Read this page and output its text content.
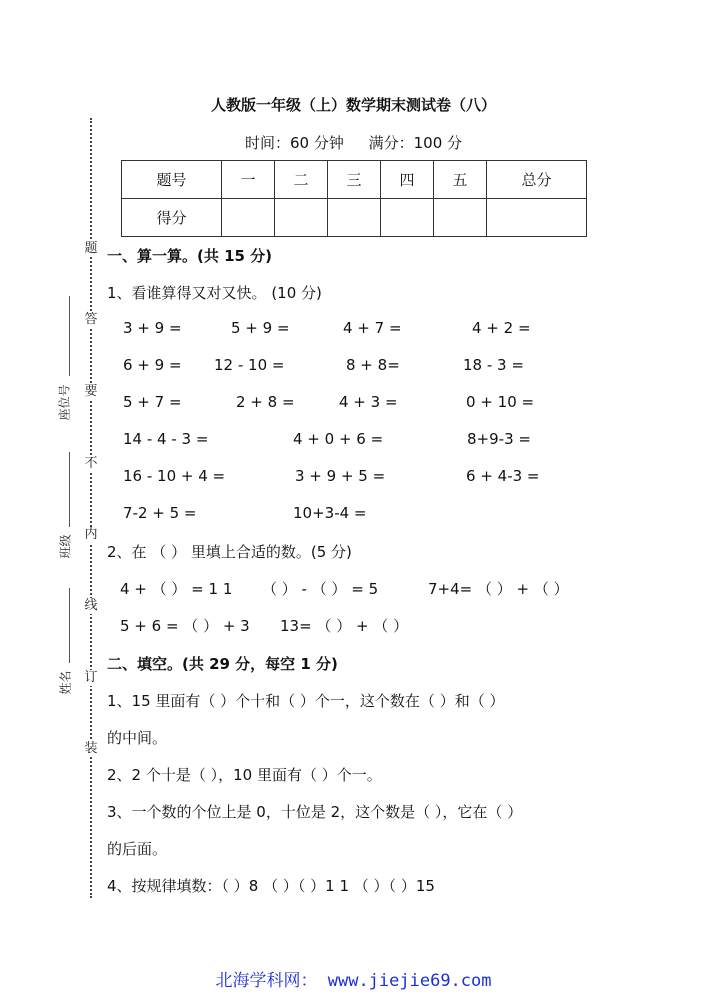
人教版一年级（上）数学期末测试卷（八）
时间：60 分钟 满分：100 分
题号	一	二	三	四	五	总分
得分						
题
答
要
不
内
线
订
装
座位号
班级
姓名
一、算一算。(共 15 分)
1、看谁算得又对又快。 (10 分)
3 + 9 =	5 + 9 =	4 + 7 =	4 + 2 =
6 + 9 = 12 - 10 =	8 + 8=	18 - 3 =
5 + 7 =	2 + 8 =	4 + 3 =	0 + 10 =
14 - 4 - 3 =	4 + 0 + 6 =	8+9-3 =
16 - 10 + 4 =	3 + 9 + 5 =	6 + 4-3 =
7-2 + 5 =	10+3-4 =
2、在 （ ） 里填上合适的数。(5 分)
4 + （ ） = 1 1 （ ） - （ ） = 5	7+4= （ ） + （ ）
5 + 6 = （ ） + 3 13= （ ） + （ ）
二、填空。(共 29 分，每空 1 分)
1、15 里面有（ ）个十和（ ）个一，这个数在（ ）和（ ）
的中间。
2、2 个十是（ ），10 里面有（ ）个一。
3、一个数的个位上是 0，十位是 2，这个数是（ ），它在（ ）
的后面。
4、按规律填数：（ ）8 （ ）（ ）1 1 （ ）（ ）15
北海学科网： www.jiejie69.com
